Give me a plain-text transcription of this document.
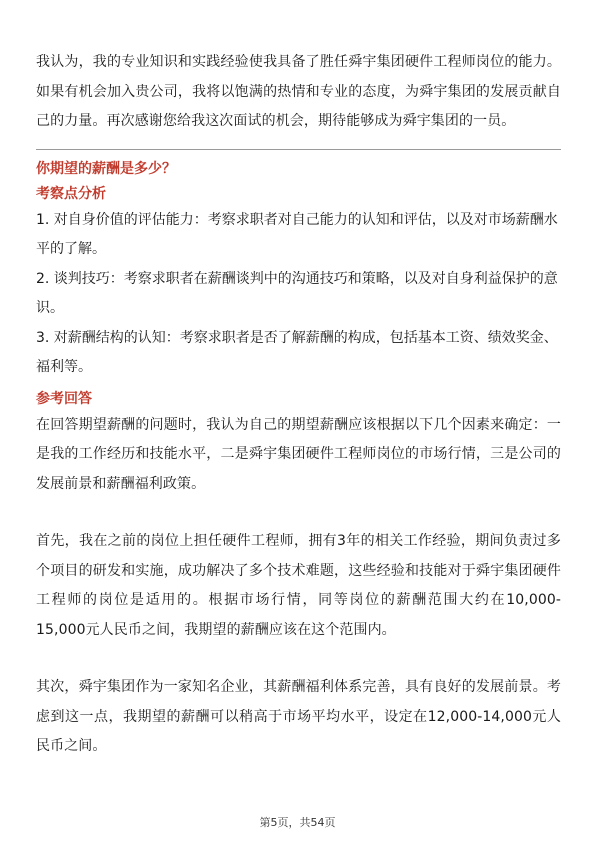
我认为，我的专业知识和实践经验使我具备了胜任舜宇集团硬件工程师岗位的能力。如果有机会加入贵公司，我将以饱满的热情和专业的态度，为舜宇集团的发展贡献自己的力量。再次感谢您给我这次面试的机会，期待能够成为舜宇集团的一员。

你期望的薪酬是多少？

考察点分析

1. 对自身价值的评估能力：考察求职者对自己能力的认知和评估，以及对市场薪酬水平的了解。

2. 谈判技巧：考察求职者在薪酬谈判中的沟通技巧和策略，以及对自身利益保护的意识。

3. 对薪酬结构的认知：考察求职者是否了解薪酬的构成，包括基本工资、绩效奖金、福利等。

参考回答

在回答期望薪酬的问题时，我认为自己的期望薪酬应该根据以下几个因素来确定：一是我的工作经历和技能水平，二是舜宇集团硬件工程师岗位的市场行情，三是公司的发展前景和薪酬福利政策。

首先，我在之前的岗位上担任硬件工程师，拥有3年的相关工作经验，期间负责过多个项目的研发和实施，成功解决了多个技术难题，这些经验和技能对于舜宇集团硬件工程师的岗位是适用的。根据市场行情，同等岗位的薪酬范围大约在10,000-15,000元人民币之间，我期望的薪酬应该在这个范围内。

其次，舜宇集团作为一家知名企业，其薪酬福利体系完善，具有良好的发展前景。考虑到这一点，我期望的薪酬可以稍高于市场平均水平，设定在12,000-14,000元人民币之间。

第5页，共54页
